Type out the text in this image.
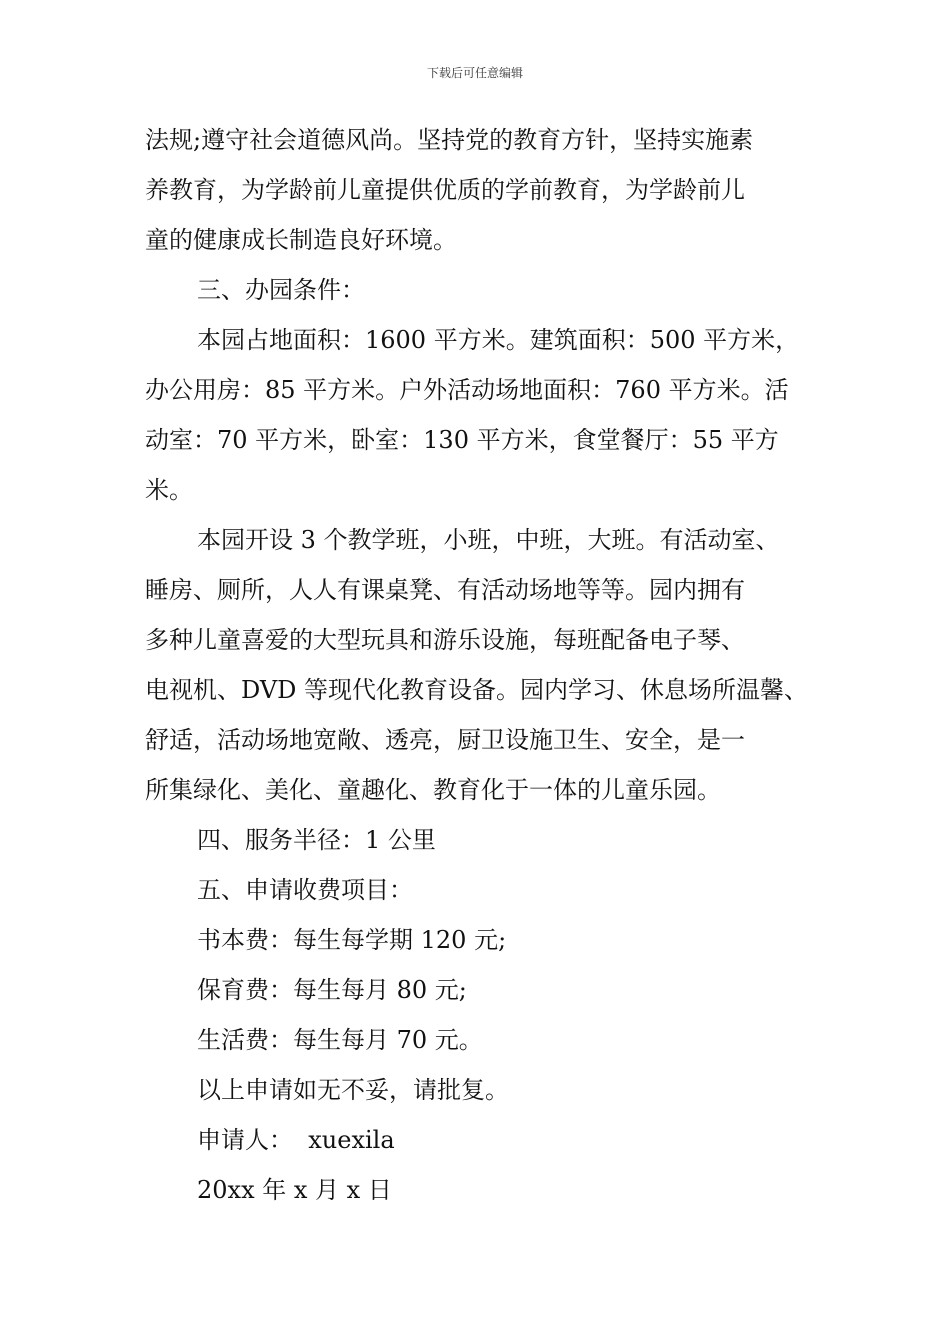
下载后可任意编辑
法规;遵守社会道德风尚。坚持党的教育方针，坚持实施素
养教育，为学龄前儿童提供优质的学前教育，为学龄前儿
童的健康成长制造良好环境。
三、办园条件：
本园占地面积：1600 平方米。建筑面积：500 平方米，
办公用房：85 平方米。户外活动场地面积：760 平方米。活
动室：70 平方米，卧室：130 平方米，食堂餐厅：55 平方
米。
本园开设 3 个教学班，小班，中班，大班。有活动室、
睡房、厕所，人人有课桌凳、有活动场地等等。园内拥有
多种儿童喜爱的大型玩具和游乐设施，每班配备电子琴、
电视机、DVD 等现代化教育设备。园内学习、休息场所温馨、
舒适，活动场地宽敞、透亮，厨卫设施卫生、安全，是一
所集绿化、美化、童趣化、教育化于一体的儿童乐园。
四、服务半径：1 公里
五、申请收费项目：
书本费：每生每学期 120 元;
保育费：每生每月 80 元;
生活费：每生每月 70 元。
以上申请如无不妥，请批复。
申请人：  xuexila
20xx 年 x 月 x 日
